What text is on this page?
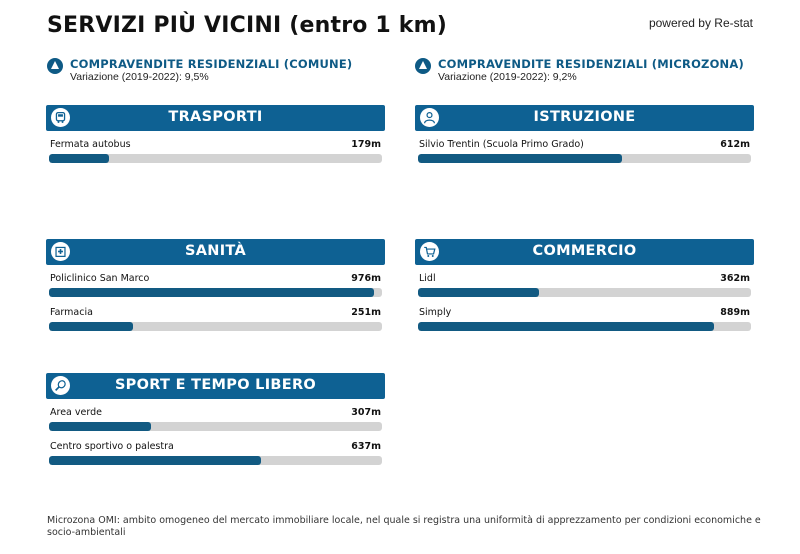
SERVIZI PIÙ VICINI (entro 1 km)	powered by Re-stat
COMPRAVENDITE RESIDENZIALI (COMUNE)
Variazione (2019-2022): 9,5%
COMPRAVENDITE RESIDENZIALI (MICROZONA)
Variazione (2019-2022): 9,2%
TRASPORTI
Fermata autobus	179m
ISTRUZIONE
Silvio Trentin (Scuola Primo Grado)	612m
SANITÀ
Policlinico San Marco	976m
Farmacia	251m
COMMERCIO
Lidl	362m
Simply	889m
SPORT E TEMPO LIBERO
Area verde	307m
Centro sportivo o palestra	637m
Microzona OMI: ambito omogeneo del mercato immobiliare locale, nel quale si registra una uniformità di apprezzamento per condizioni economiche e socio-ambientali
